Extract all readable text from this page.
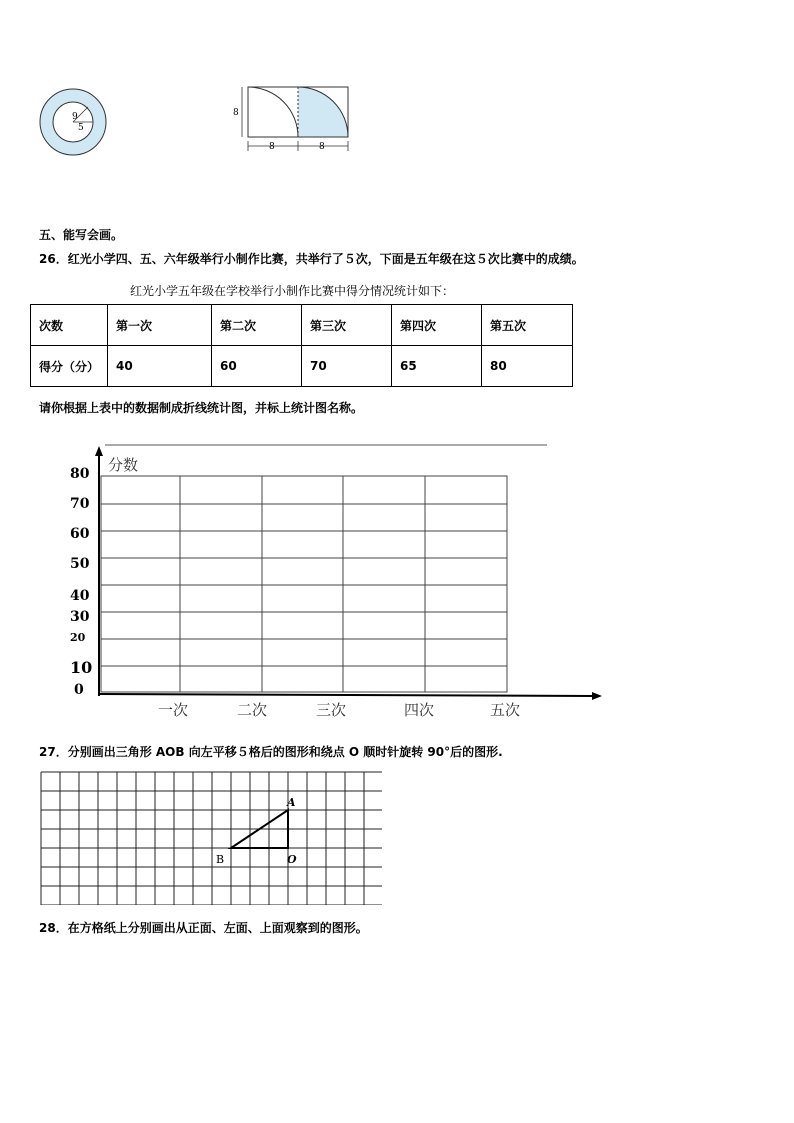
9
5
8
8	8
五、能写会画。
26．红光小学四、五、六年级举行小制作比赛，共举行了５次，下面是五年级在这５次比赛中的成绩。
红光小学五年级在学校举行小制作比赛中得分情况统计如下：
次数	第一次	第二次	第三次	第四次	第五次
得分（分）	40	60	70	65	80
请你根据上表中的数据制成折线统计图，并标上统计图名称。
分数
80
70
60
50
40
30
20
10
0
一次	二次	三次	四次	五次
27．分别画出三角形 AOB 向左平移５格后的图形和绕点 O 顺时针旋转 90°后的图形.
A
B	O
28．在方格纸上分别画出从正面、左面、上面观察到的图形。
